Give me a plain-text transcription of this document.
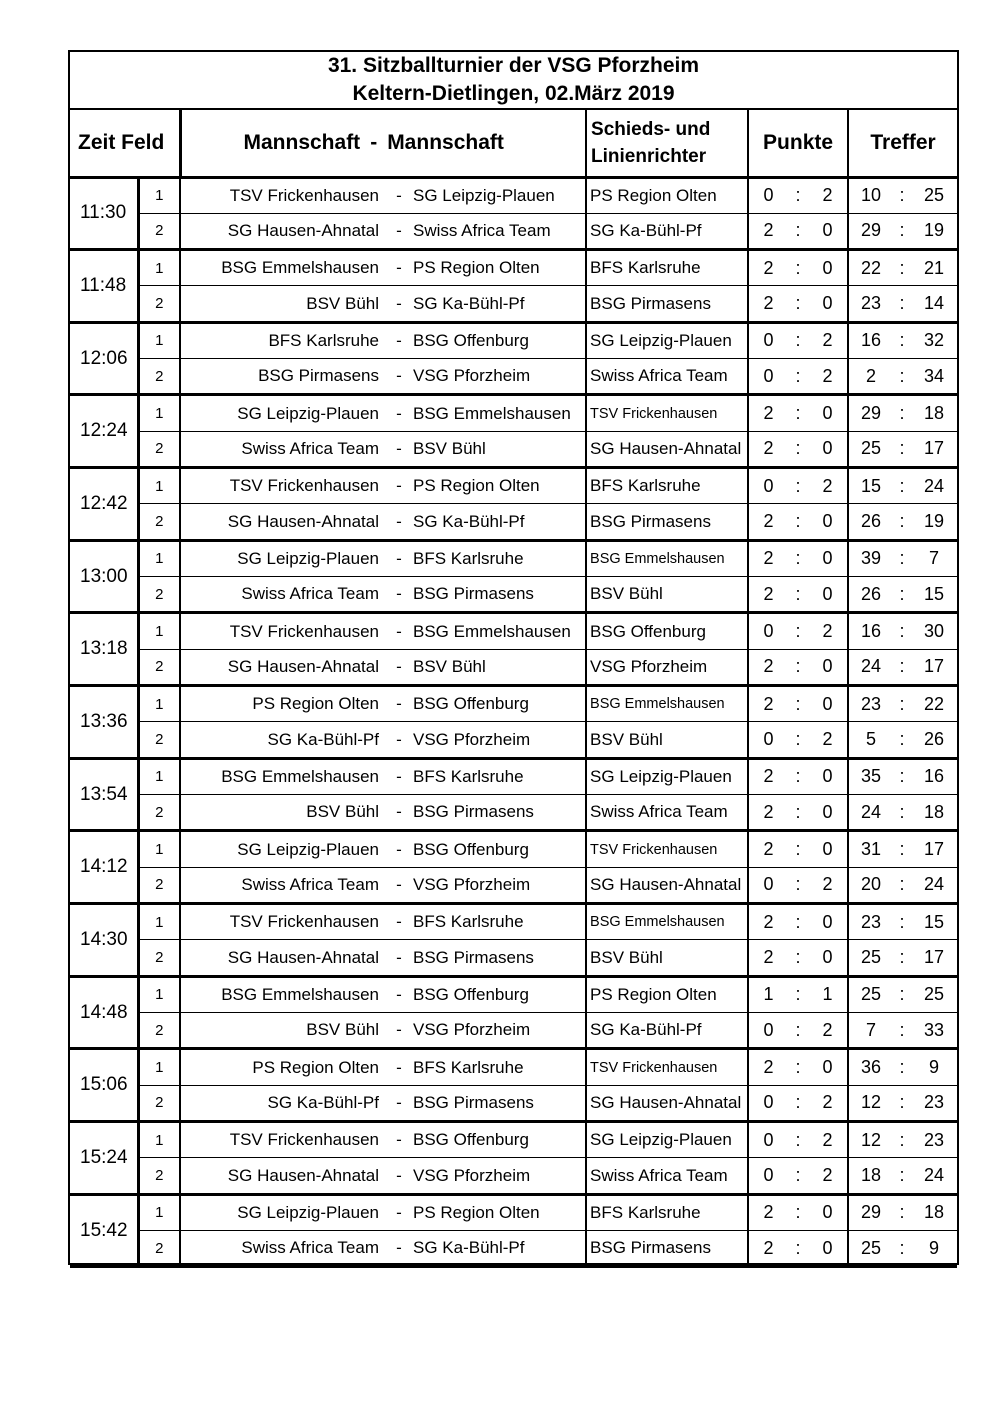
31. Sitzballturnier der VSG Pforzheim
Keltern-Dietlingen, 02.März 2019
Zeit Feld		Mannschaft - Mannschaft			Schieds- und
Linienrichter	Punkte			Treffer		
11:30	1	TSV Frickenhausen	-	SG Leipzig-Plauen	PS Region Olten	0	:	2	10	:	25
	2	SG Hausen-Ahnatal	-	Swiss Africa Team	SG Ka-Bühl-Pf	2	:	0	29	:	19
11:48	1	BSG Emmelshausen	-	PS Region Olten	BFS Karlsruhe	2	:	0	22	:	21
	2	BSV Bühl	-	SG Ka-Bühl-Pf	BSG Pirmasens	2	:	0	23	:	14
12:06	1	BFS Karlsruhe	-	BSG Offenburg	SG Leipzig-Plauen	0	:	2	16	:	32
	2	BSG Pirmasens	-	VSG Pforzheim	Swiss Africa Team	0	:	2	2	:	34
12:24	1	SG Leipzig-Plauen	-	BSG Emmelshausen	TSV Frickenhausen	2	:	0	29	:	18
	2	Swiss Africa Team	-	BSV Bühl	SG Hausen-Ahnatal	2	:	0	25	:	17
12:42	1	TSV Frickenhausen	-	PS Region Olten	BFS Karlsruhe	0	:	2	15	:	24
	2	SG Hausen-Ahnatal	-	SG Ka-Bühl-Pf	BSG Pirmasens	2	:	0	26	:	19
13:00	1	SG Leipzig-Plauen	-	BFS Karlsruhe	BSG Emmelshausen	2	:	0	39	:	7
	2	Swiss Africa Team	-	BSG Pirmasens	BSV Bühl	2	:	0	26	:	15
13:18	1	TSV Frickenhausen	-	BSG Emmelshausen	BSG Offenburg	0	:	2	16	:	30
	2	SG Hausen-Ahnatal	-	BSV Bühl	VSG Pforzheim	2	:	0	24	:	17
13:36	1	PS Region Olten	-	BSG Offenburg	BSG Emmelshausen	2	:	0	23	:	22
	2	SG Ka-Bühl-Pf	-	VSG Pforzheim	BSV Bühl	0	:	2	5	:	26
13:54	1	BSG Emmelshausen	-	BFS Karlsruhe	SG Leipzig-Plauen	2	:	0	35	:	16
	2	BSV Bühl	-	BSG Pirmasens	Swiss Africa Team	2	:	0	24	:	18
14:12	1	SG Leipzig-Plauen	-	BSG Offenburg	TSV Frickenhausen	2	:	0	31	:	17
	2	Swiss Africa Team	-	VSG Pforzheim	SG Hausen-Ahnatal	0	:	2	20	:	24
14:30	1	TSV Frickenhausen	-	BFS Karlsruhe	BSG Emmelshausen	2	:	0	23	:	15
	2	SG Hausen-Ahnatal	-	BSG Pirmasens	BSV Bühl	2	:	0	25	:	17
14:48	1	BSG Emmelshausen	-	BSG Offenburg	PS Region Olten	1	:	1	25	:	25
	2	BSV Bühl	-	VSG Pforzheim	SG Ka-Bühl-Pf	0	:	2	7	:	33
15:06	1	PS Region Olten	-	BFS Karlsruhe	TSV Frickenhausen	2	:	0	36	:	9
	2	SG Ka-Bühl-Pf	-	BSG Pirmasens	SG Hausen-Ahnatal	0	:	2	12	:	23
15:24	1	TSV Frickenhausen	-	BSG Offenburg	SG Leipzig-Plauen	0	:	2	12	:	23
	2	SG Hausen-Ahnatal	-	VSG Pforzheim	Swiss Africa Team	0	:	2	18	:	24
15:42	1	SG Leipzig-Plauen	-	PS Region Olten	BFS Karlsruhe	2	:	0	29	:	18
	2	Swiss Africa Team	-	SG Ka-Bühl-Pf	BSG Pirmasens	2	:	0	25	:	9
